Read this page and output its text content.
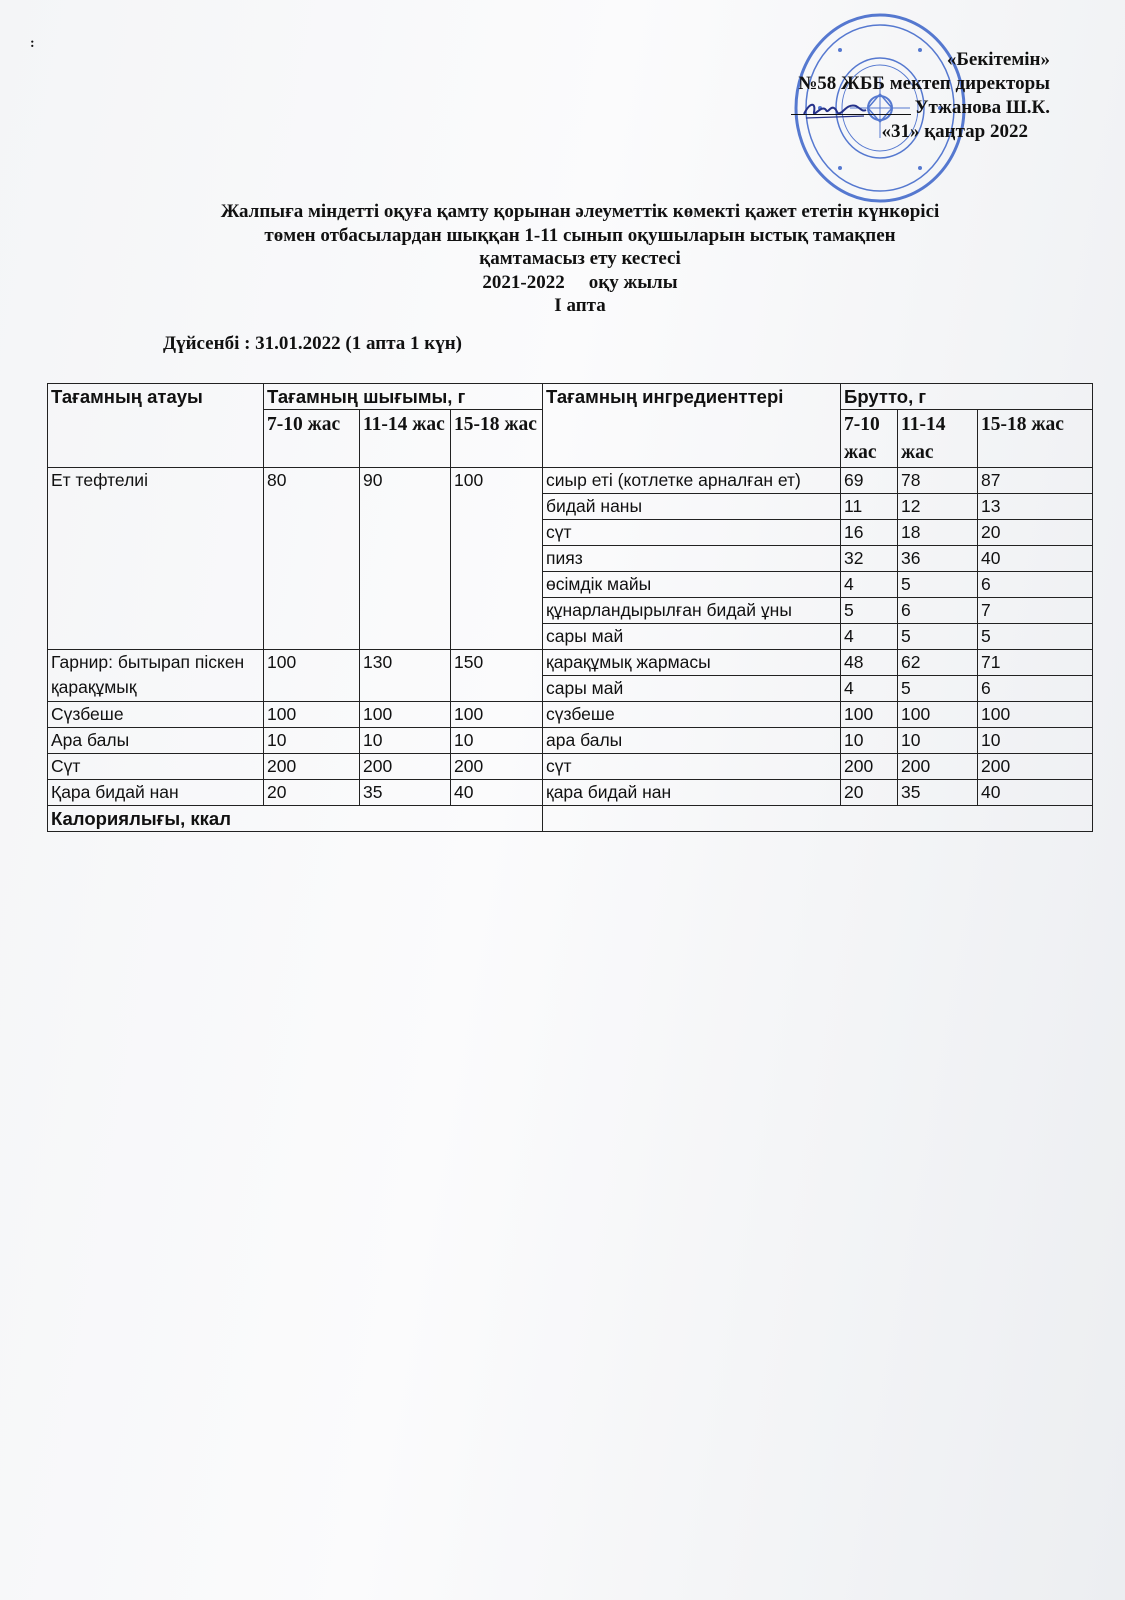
:
«Бекітемін»
№58 ЖББ мектеп директоры
Утжанова Ш.К.
«31» қаңтар 2022
Жалпыға міндетті оқуға қамту қорынан әлеуметтік көмекті қажет ететін күнкөрісі
төмен отбасылардан шыққан 1-11 сынып оқушыларын ыстық тамақпен
қамтамасыз ету кестесі
2021-2022 оқу жылы
І апта
Дүйсенбі : 31.01.2022 (1 апта 1 күн)
Тағамның атауы	Тағамның шығымы, г			Тағамның ингредиенттері	Брутто, г		
	7-10 жас	11-14 жас	15-18 жас		7-10 жас	11-14 жас	15-18 жас
Ет тефтелиі	80	90	100	сиыр еті (котлетке арналған ет)	69	78	87
				бидай наны	11	12	13
				сүт	16	18	20
				пияз	32	36	40
				өсімдік майы	4	5	6
				құнарландырылған бидай ұны	5	6	7
				сары май	4	5	5
Гарнир: бытырап піскен қарақұмық	100	130	150	қарақұмық жармасы	48	62	71
				сары май	4	5	6
Сүзбеше	100	100	100	сүзбеше	100	100	100
Ара балы	10	10	10	ара балы	10	10	10
Сүт	200	200	200	сүт	200	200	200
Қара бидай нан	20	35	40	қара бидай нан	20	35	40
Калориялығы, ккал							
